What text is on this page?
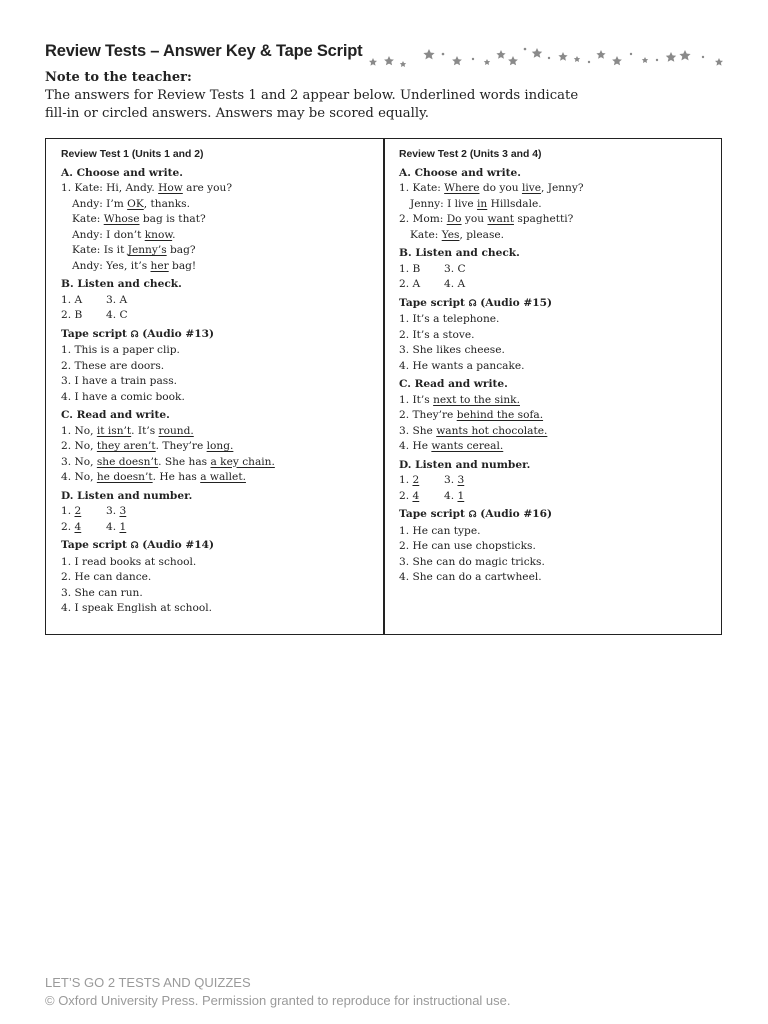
Review Tests – Answer Key & Tape Script
Note to the teacher:
The answers for Review Tests 1 and 2 appear below. Underlined words indicate
fill-in or circled answers. Answers may be scored equally.
Review Test 1 (Units 1 and 2)
A. Choose and write.
1. Kate: Hi, Andy. How are you?
Andy: I’m OK, thanks.
Kate: Whose bag is that?
Andy: I don’t know.
Kate: Is it Jenny’s bag?
Andy: Yes, it’s her bag!
B. Listen and check.
1. A	3. A
2. B	4. C
Tape script ☊ (Audio #13)
1. This is a paper clip.
2. These are doors.
3. I have a train pass.
4. I have a comic book.
C. Read and write.
1. No, it isn’t. It’s round.
2. No, they aren’t. They’re long.
3. No, she doesn’t. She has a key chain.
4. No, he doesn’t. He has a wallet.
D. Listen and number.
1. 2	3. 3
2. 4	4. 1
Tape script ☊ (Audio #14)
1. I read books at school.
2. He can dance.
3. She can run.
4. I speak English at school.
Review Test 2 (Units 3 and 4)
A. Choose and write.
1. Kate: Where do you live, Jenny?
Jenny: I live in Hillsdale.
2. Mom: Do you want spaghetti?
Kate: Yes, please.
B. Listen and check.
1. B	3. C
2. A	4. A
Tape script ☊ (Audio #15)
1. It’s a telephone.
2. It’s a stove.
3. She likes cheese.
4. He wants a pancake.
C. Read and write.
1. It’s next to the sink.
2. They’re behind the sofa.
3. She wants hot chocolate.
4. He wants cereal.
D. Listen and number.
1. 2	3. 3
2. 4	4. 1
Tape script ☊ (Audio #16)
1. He can type.
2. He can use chopsticks.
3. She can do magic tricks.
4. She can do a cartwheel.
LET’S GO 2 TESTS AND QUIZZES
© Oxford University Press. Permission granted to reproduce for instructional use.
